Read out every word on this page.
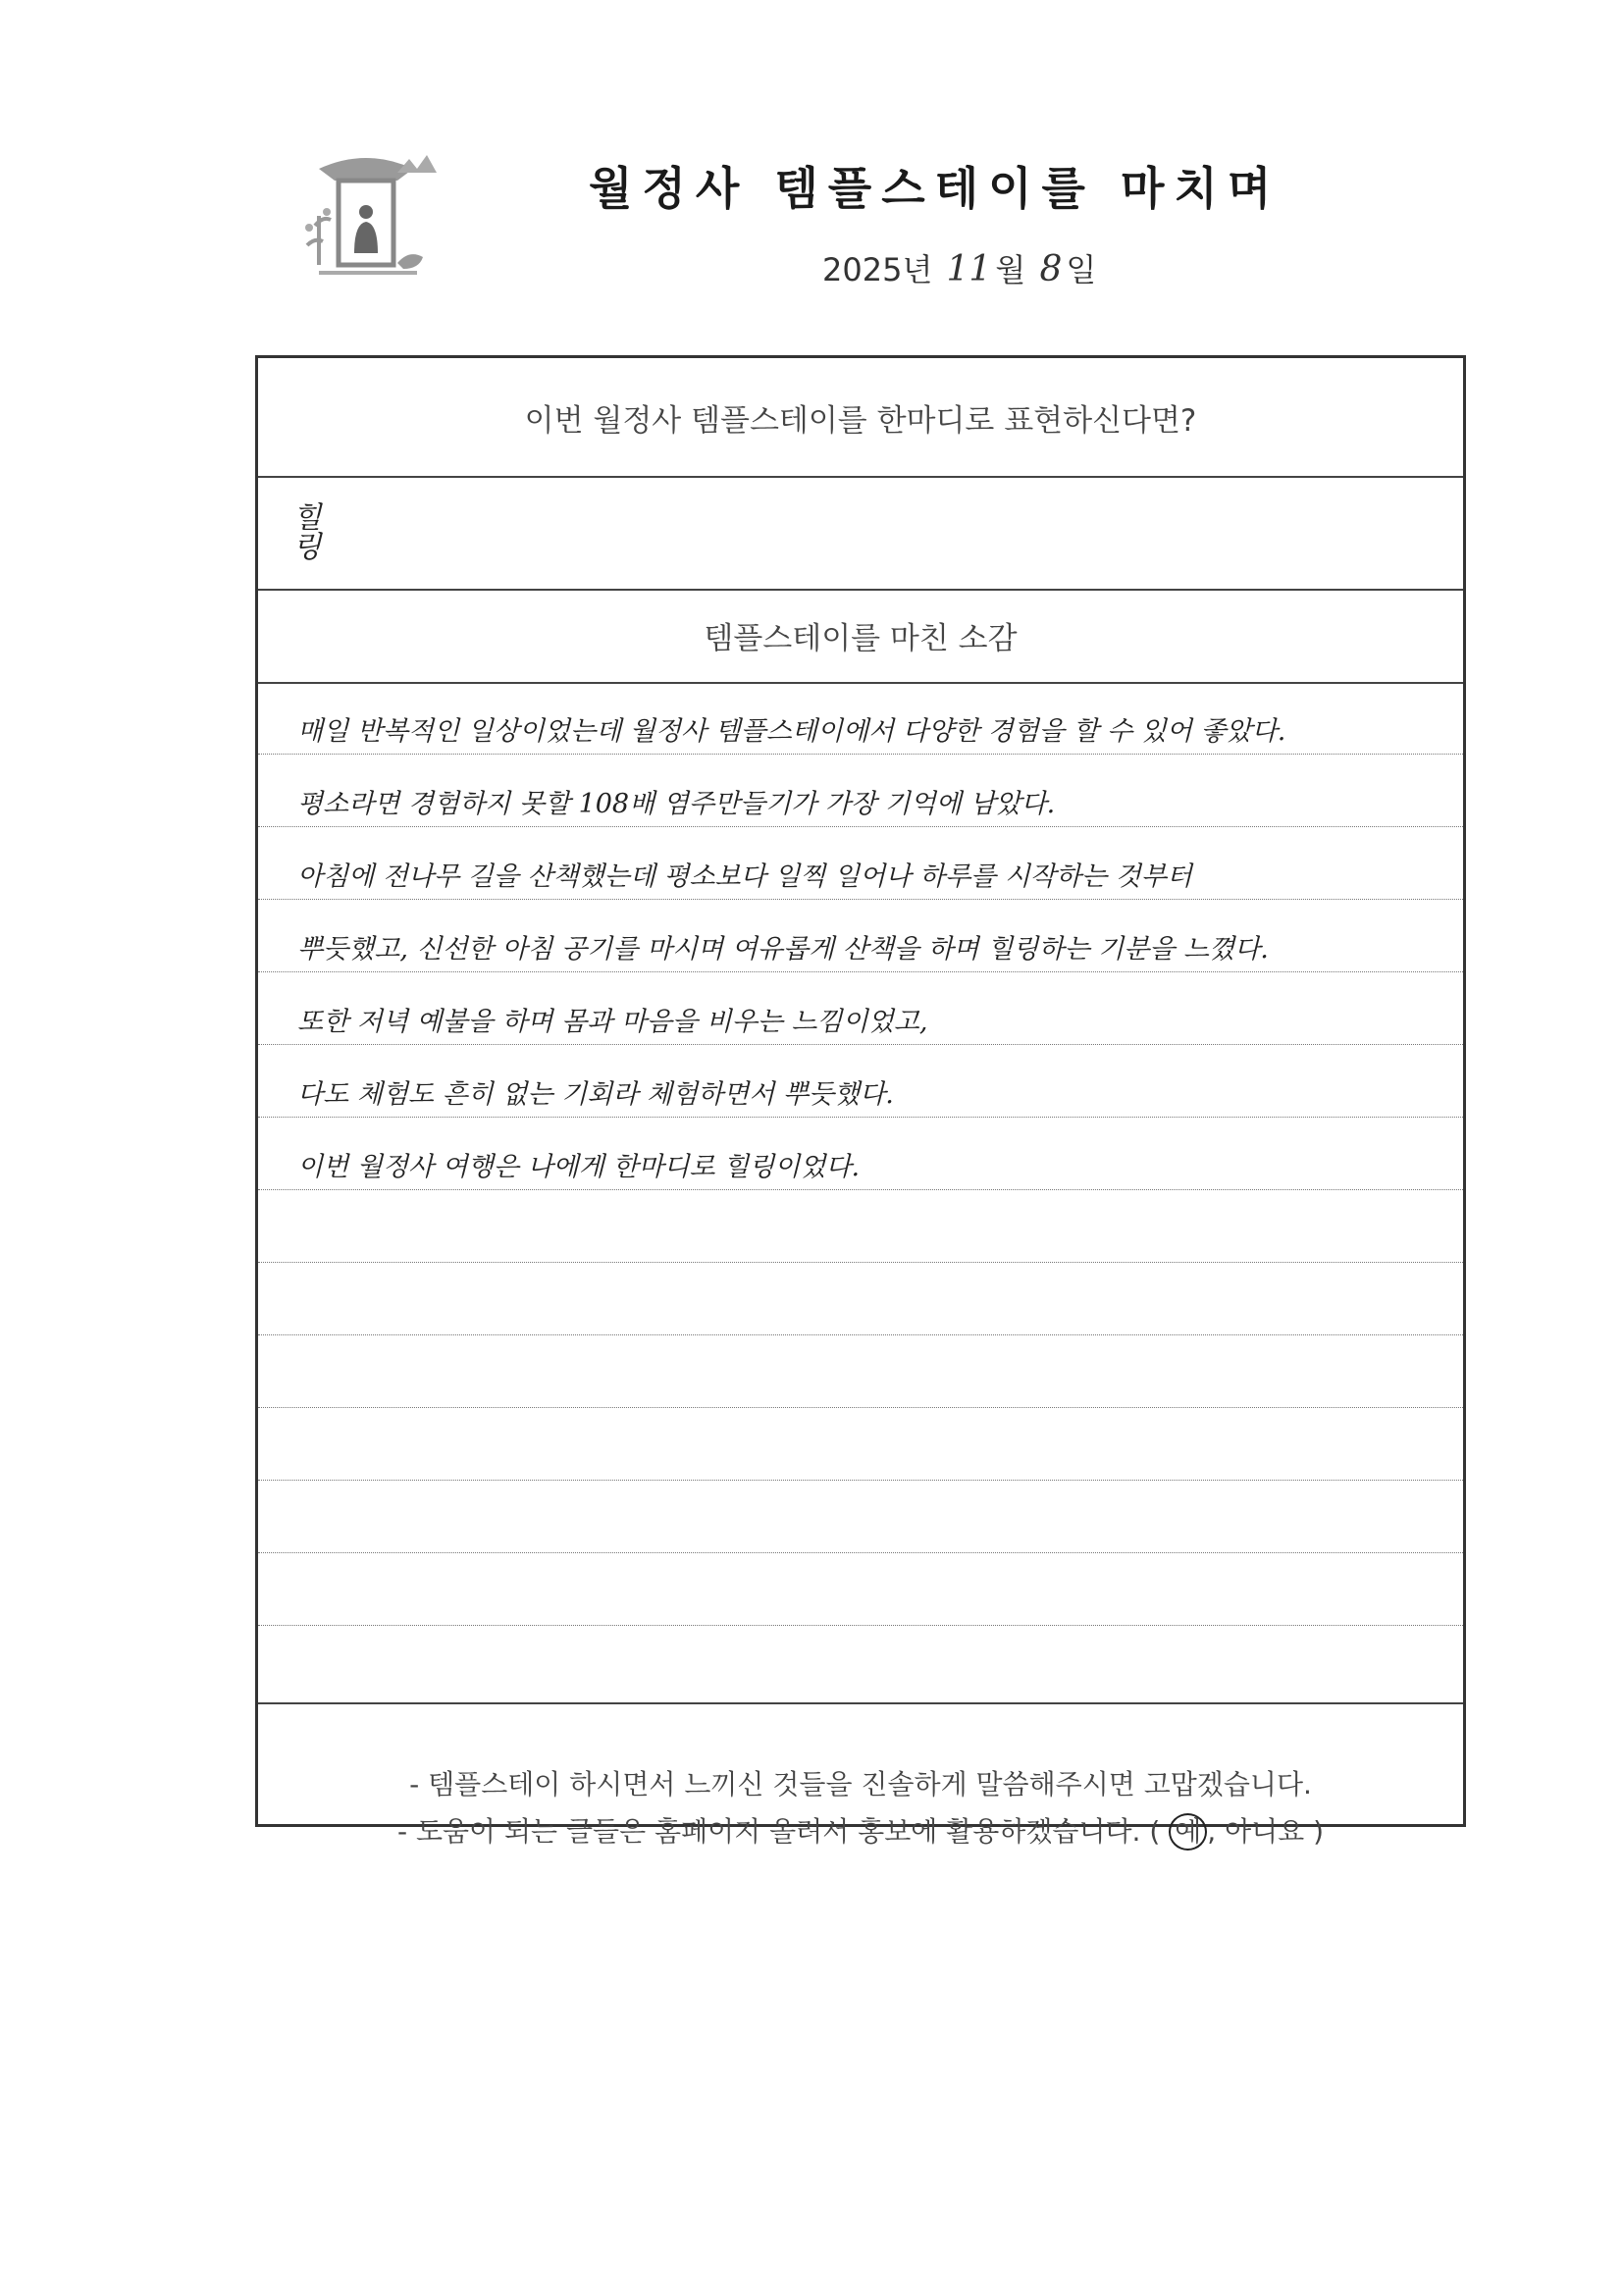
월정사 템플스테이를 마치며
2025년 11 월 8 일
이번 월정사 템플스테이를 한마디로 표현하신다면?
힐링
템플스테이를 마친 소감
매일 반복적인 일상이었는데 월정사 템플스테이에서 다양한 경험을 할 수 있어 좋았다.
평소라면 경험하지 못할 108배 염주만들기가 가장 기억에 남았다.
아침에 전나무 길을 산책했는데 평소보다 일찍 일어나 하루를 시작하는 것부터
뿌듯했고, 신선한 아침 공기를 마시며 여유롭게 산책을 하며 힐링하는 기분을 느꼈다.
또한 저녁 예불을 하며 몸과 마음을 비우는 느낌이었고,
다도 체험도 흔히 없는 기회라 체험하면서 뿌듯했다.
이번 월정사 여행은 나에게 한마디로 힐링이었다.
- 템플스테이 하시면서 느끼신 것들을 진솔하게 말씀해주시면 고맙겠습니다.
- 도움이 되는 글들은 홈페이지 올려서 홍보에 활용하겠습니다. ( 예 , 아니요 )
